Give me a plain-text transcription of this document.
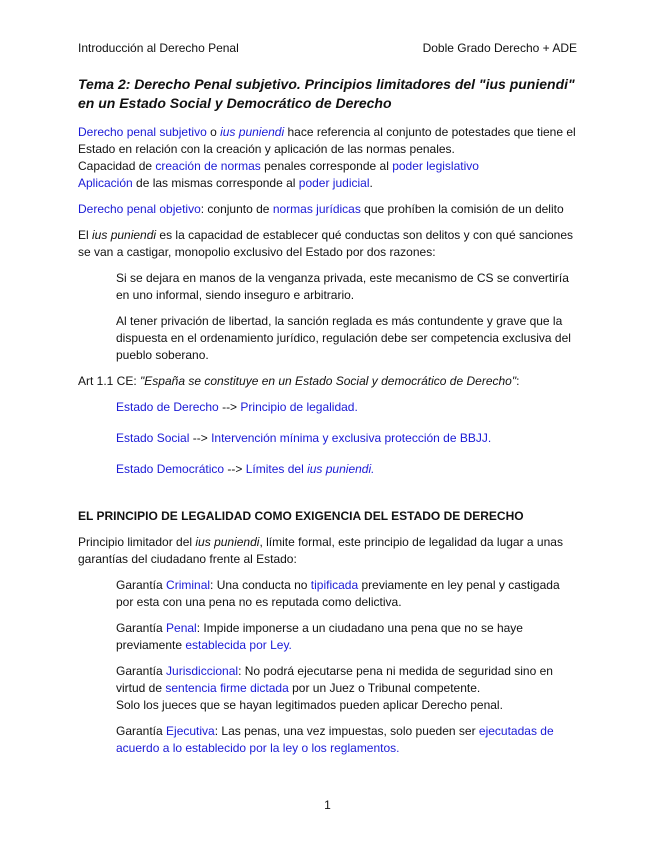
Introducción al Derecho Penal	Doble Grado Derecho + ADE
Tema 2: Derecho Penal subjetivo. Principios limitadores del "ius puniendi" en un Estado Social y Democrático de Derecho

Derecho penal subjetivo o ius puniendi hace referencia al conjunto de potestades que tiene el Estado en relación con la creación y aplicación de las normas penales.
Capacidad de creación de normas penales corresponde al poder legislativo
Aplicación de las mismas corresponde al poder judicial.

Derecho penal objetivo: conjunto de normas jurídicas que prohíben la comisión de un delito

El ius puniendi es la capacidad de establecer qué conductas son delitos y con qué sanciones se van a castigar, monopolio exclusivo del Estado por dos razones:

Si se dejara en manos de la venganza privada, este mecanismo de CS se convertiría en uno informal, siendo inseguro e arbitrario.

Al tener privación de libertad, la sanción reglada es más contundente y grave que la dispuesta en el ordenamiento jurídico, regulación debe ser competencia exclusiva del pueblo soberano.

Art 1.1 CE: "España se constituye en un Estado Social y democrático de Derecho":

Estado de Derecho --> Principio de legalidad.

Estado Social --> Intervención mínima y exclusiva protección de BBJJ.

Estado Democrático --> Límites del ius puniendi.

EL PRINCIPIO DE LEGALIDAD COMO EXIGENCIA DEL ESTADO DE DERECHO

Principio limitador del ius puniendi, límite formal, este principio de legalidad da lugar a unas garantías del ciudadano frente al Estado:

Garantía Criminal: Una conducta no tipificada previamente en ley penal y castigada por esta con una pena no es reputada como delictiva.

Garantía Penal: Impide imponerse a un ciudadano una pena que no se haye previamente establecida por Ley.

Garantía Jurisdiccional: No podrá ejecutarse pena ni medida de seguridad sino en virtud de sentencia firme dictada por un Juez o Tribunal competente.
Solo los jueces que se hayan legitimados pueden aplicar Derecho penal.

Garantía Ejecutiva: Las penas, una vez impuestas, solo pueden ser ejecutadas de acuerdo a lo establecido por la ley o los reglamentos.

1
